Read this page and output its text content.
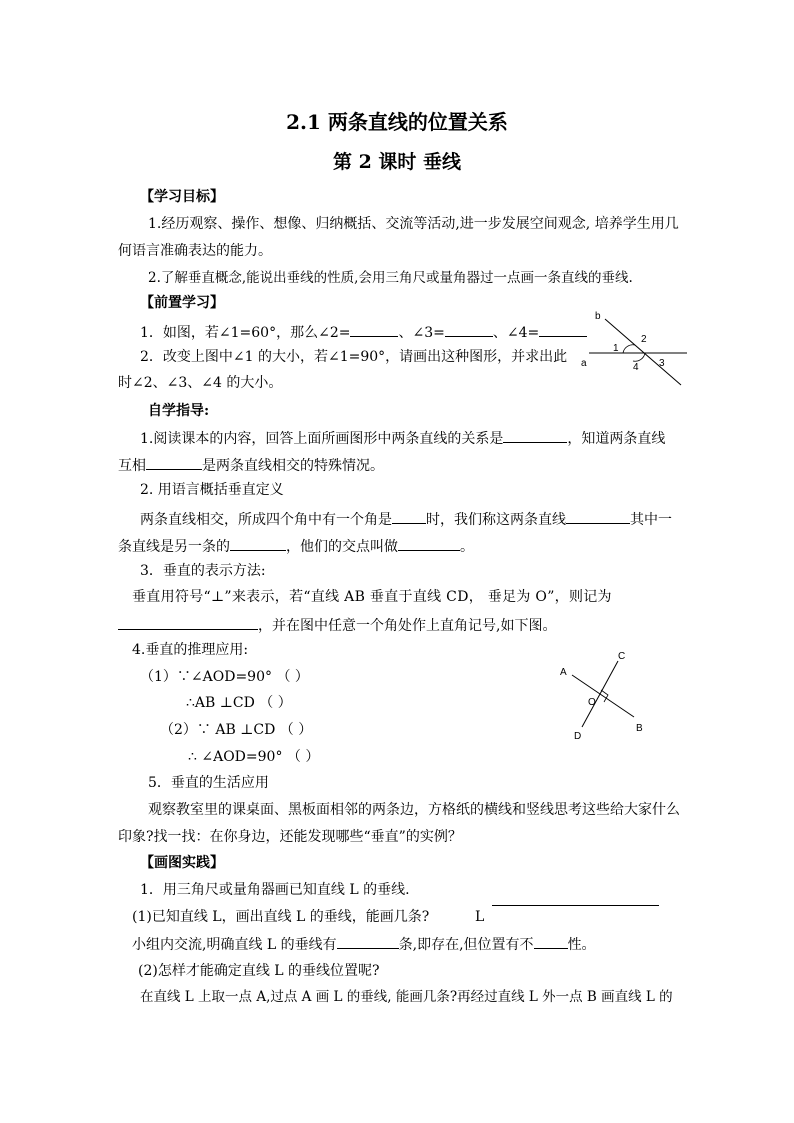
2.1 两条直线的位置关系
第 2 课时 垂线
【学习目标】
1.经历观察、操作、想像、归纳概括、交流等活动,进一步发展空间观念, 培养学生用几
何语言准确表达的能力。
2.了解垂直概念,能说出垂线的性质,会用三角尺或量角器过一点画一条直线的垂线.
【前置学习】
1．如图，若∠1=60°，那么∠2=	、∠3=	、∠4=
2．改变上图中∠1 的大小，若∠1=90°，请画出这种图形，并求出此
时∠2、∠3、∠4 的大小。
a
b
1
2
3
4
自学指导:
1.阅读课本的内容，回答上面所画图形中两条直线的关系是	，知道两条直线
互相	是两条直线相交的特殊情况。
2. 用语言概括垂直定义
两条直线相交，所成四个角中有一个角是 时，我们称这两条直线	其中一
条直线是另一条的	，他们的交点叫做	。
3．垂直的表示方法:
垂直用符号“⊥”来表示，若“直线 AB 垂直于直线 CD， 垂足为 O”，则记为
，并在图中任意一个角处作上直角记号,如下图。
4.垂直的推理应用:
（1）∵∠AOD=90° （ ）
∴AB ⊥CD （ ）
（2）∵ AB ⊥CD （ ）
∴ ∠AOD=90° （ ）
5．垂直的生活应用
观察教室里的课桌面、黑板面相邻的两条边，方格纸的横线和竖线思考这些给大家什么
印象?找一找：在你身边，还能发现哪些“垂直”的实例？
A
B
C
D
O
【画图实践】
1．用三角尺或量角器画已知直线 L 的垂线.
(1)已知直线 L，画出直线 L 的垂线，能画几条?	L
小组内交流,明确直线 L 的垂线有	条,即存在,但位置有不 性。
(2)怎样才能确定直线 L 的垂线位置呢?
在直线 L 上取一点 A,过点 A 画 L 的垂线, 能画几条?再经过直线 L 外一点 B 画直线 L 的
